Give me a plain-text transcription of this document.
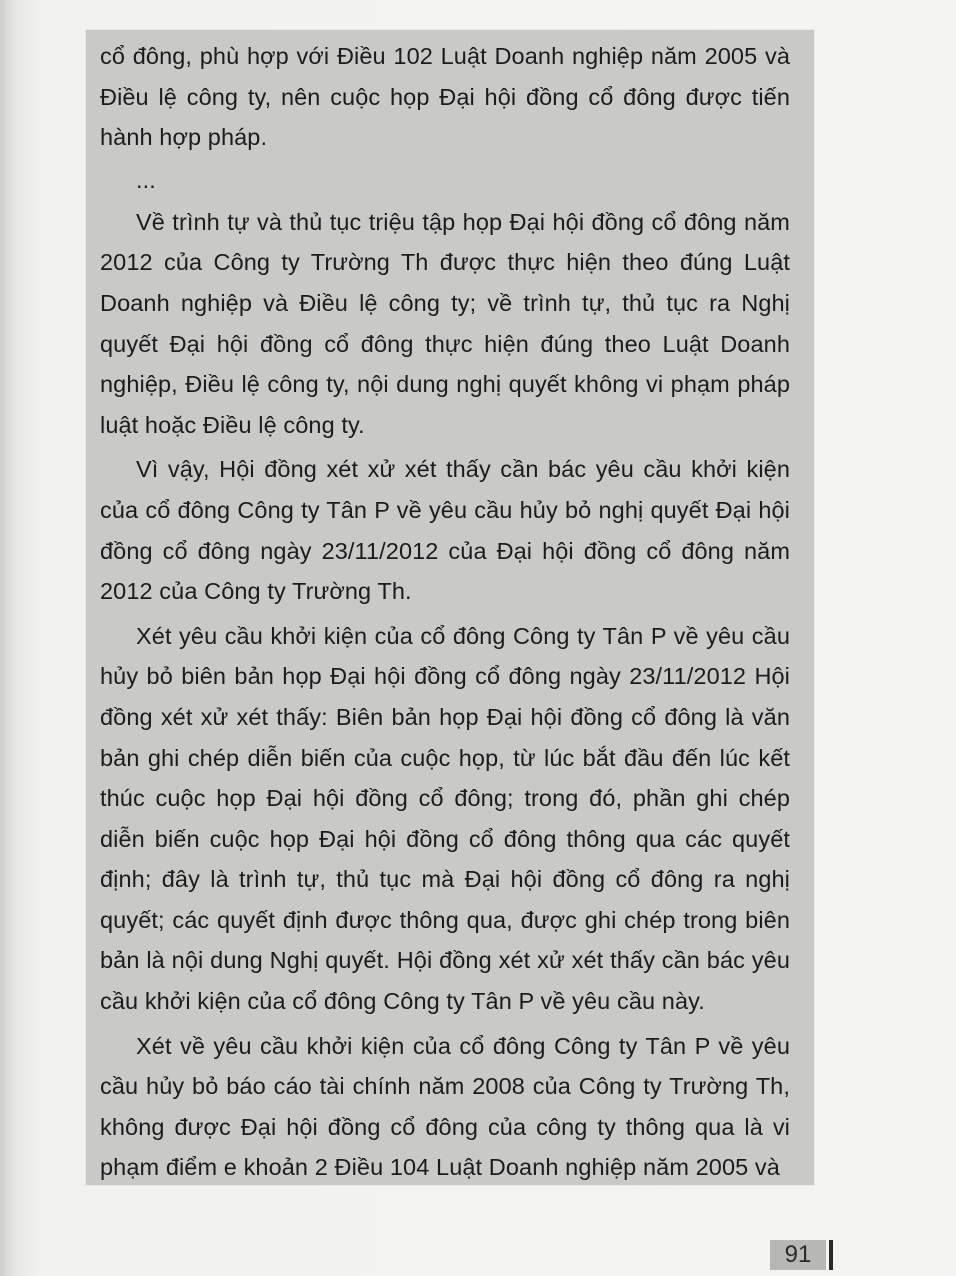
cổ đông, phù hợp với Điều 102 Luật Doanh nghiệp năm 2005 và Điều lệ công ty, nên cuộc họp Đại hội đồng cổ đông được tiến hành hợp pháp.

...

Về trình tự và thủ tục triệu tập họp Đại hội đồng cổ đông năm 2012 của Công ty Trường Th được thực hiện theo đúng Luật Doanh nghiệp và Điều lệ công ty; về trình tự, thủ tục ra Nghị quyết Đại hội đồng cổ đông thực hiện đúng theo Luật Doanh nghiệp, Điều lệ công ty, nội dung nghị quyết không vi phạm pháp luật hoặc Điều lệ công ty.

Vì vậy, Hội đồng xét xử xét thấy cần bác yêu cầu khởi kiện của cổ đông Công ty Tân P về yêu cầu hủy bỏ nghị quyết Đại hội đồng cổ đông ngày 23/11/2012 của Đại hội đồng cổ đông năm 2012 của Công ty Trường Th.

Xét yêu cầu khởi kiện của cổ đông Công ty Tân P về yêu cầu hủy bỏ biên bản họp Đại hội đồng cổ đông ngày 23/11/2012 Hội đồng xét xử xét thấy: Biên bản họp Đại hội đồng cổ đông là văn bản ghi chép diễn biến của cuộc họp, từ lúc bắt đầu đến lúc kết thúc cuộc họp Đại hội đồng cổ đông; trong đó, phần ghi chép diễn biến cuộc họp Đại hội đồng cổ đông thông qua các quyết định; đây là trình tự, thủ tục mà Đại hội đồng cổ đông ra nghị quyết; các quyết định được thông qua, được ghi chép trong biên bản là nội dung Nghị quyết. Hội đồng xét xử xét thấy cần bác yêu cầu khởi kiện của cổ đông Công ty Tân P về yêu cầu này.

Xét về yêu cầu khởi kiện của cổ đông Công ty Tân P về yêu cầu hủy bỏ báo cáo tài chính năm 2008 của Công ty Trường Th, không được Đại hội đồng cổ đông của công ty thông qua là vi phạm điểm e khoản 2 Điều 104 Luật Doanh nghiệp năm 2005 và

91
